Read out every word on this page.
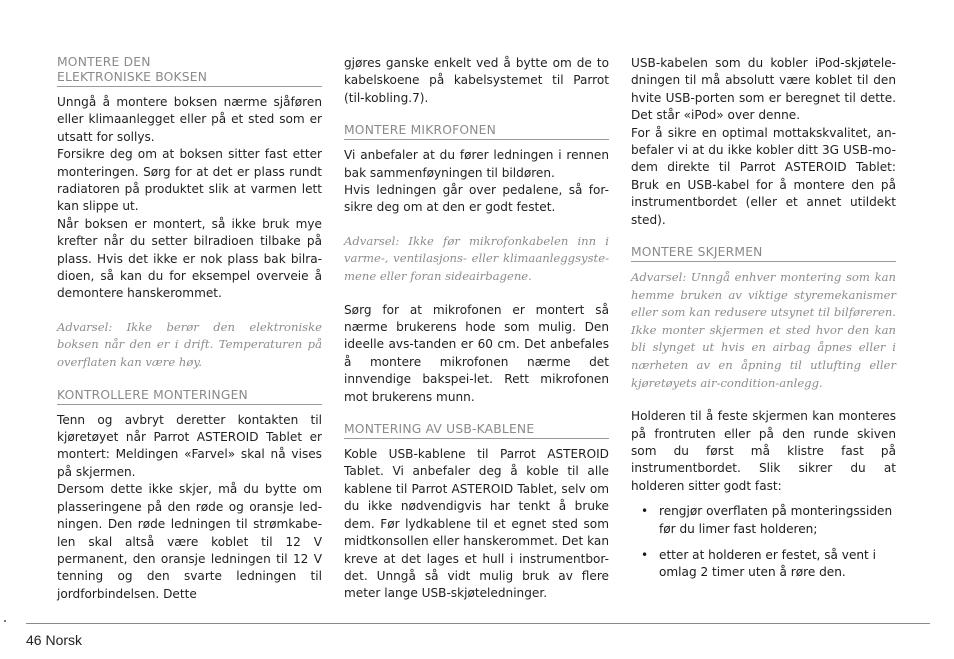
MONTERE DEN
ELEKTRONISKE BOKSEN

Unngå å montere boksen nærme sjåføren eller klimaanlegget eller på et sted som er utsatt for sollys.
Forsikre deg om at boksen sitter fast etter monteringen. Sørg for at det er plass rundt radiatoren på produktet slik at varmen lett kan slippe ut.
Når boksen er montert, så ikke bruk mye krefter når du setter bilradioen tilbake på plass. Hvis det ikke er nok plass bak bilra-dioen, så kan du for eksempel overveie å demontere hanskerommet.

Advarsel: Ikke berør den elektroniske boksen når den er i drift. Temperaturen på overflaten kan være høy.

KONTROLLERE MONTERINGEN

Tenn og avbryt deretter kontakten til kjøretøyet når Parrot ASTEROID Tablet er montert: Meldingen «Farvel» skal nå vises på skjermen.
Dersom dette ikke skjer, må du bytte om plasseringene på den røde og oransje led-ningen. Den røde ledningen til strømkabe-len skal altså være koblet til 12 V permanent, den oransje ledningen til 12 V tenning og den svarte ledningen til jordforbindelsen. Dette

gjøres ganske enkelt ved å bytte om de to kabelskoene på kabelsystemet til Parrot (til-kobling.7).

MONTERE MIKROFONEN

Vi anbefaler at du fører ledningen i rennen bak sammenføyningen til bildøren.
Hvis ledningen går over pedalene, så for-sikre deg om at den er godt festet.

Advarsel: Ikke før mikrofonkabelen inn i varme-, ventilasjons- eller klimaanleggsyste-mene eller foran sideairbagene.

Sørg for at mikrofonen er montert så nærme brukerens hode som mulig. Den ideelle avs-tanden er 60 cm. Det anbefales å montere mikrofonen nærme det innvendige bakspei-let. Rett mikrofonen mot brukerens munn.

MONTERING AV USB-KABLENE

Koble USB-kablene til Parrot ASTEROID Tablet. Vi anbefaler deg å koble til alle kablene til Parrot ASTEROID Tablet, selv om du ikke nødvendigvis har tenkt å bruke dem. Før lydkablene til et egnet sted som midtkonsollen eller hanskerommet. Det kan kreve at det lages et hull i instrumentbor-det. Unngå så vidt mulig bruk av flere meter lange USB-skjøteledninger.

USB-kabelen som du kobler iPod-skjøtele-dningen til må absolutt være koblet til den hvite USB-porten som er beregnet til dette. Det står «iPod» over denne.
For å sikre en optimal mottakskvalitet, an-befaler vi at du ikke kobler ditt 3G USB-mo-dem direkte til Parrot ASTEROID Tablet: Bruk en USB-kabel for å montere den på instrumentbordet (eller et annet utildekt sted).

MONTERE SKJERMEN

Advarsel: Unngå enhver montering som kan hemme bruken av viktige styremekanismer eller som kan redusere utsynet til bilføreren. Ikke monter skjermen et sted hvor den kan bli slynget ut hvis en airbag åpnes eller i nærheten av en åpning til utlufting eller kjøretøyets air-condition-anlegg.

Holderen til å feste skjermen kan monteres på frontruten eller på den runde skiven som du først må klistre fast på instrumentbordet. Slik sikrer du at holderen sitter godt fast:

• rengjør overflaten på monteringssiden
før du limer fast holderen;
• etter at holderen er festet, så vent i
omlag 2 timer uten å røre den.
46 Norsk
